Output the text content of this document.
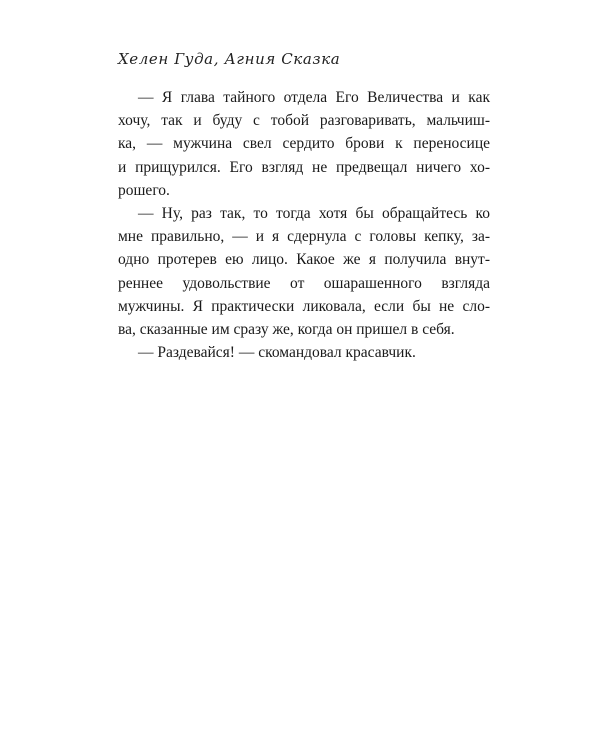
Хелен Гуда, Агния Сказка

— Я глава тайного отдела Его Величества и как
хочу, так и буду с тобой разговаривать, мальчиш-
ка, — мужчина свел сердито брови к переносице
и прищурился. Его взгляд не предвещал ничего хо-
рошего.

— Ну, раз так, то тогда хотя бы обращайтесь ко
мне правильно, — и я сдернула с головы кепку, за-
одно протерев ею лицо. Какое же я получила внут-
реннее удовольствие от ошарашенного взгляда
мужчины. Я практически ликовала, если бы не сло-
ва, сказанные им сразу же, когда он пришел в себя.

— Раздевайся! — скомандовал красавчик.
